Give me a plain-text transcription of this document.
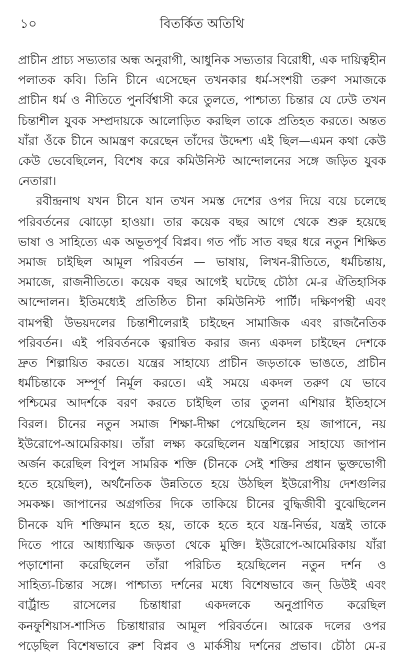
১০	বিতর্কিত অতিথি
প্রাচীন প্রাচ্য সভ্যতার অন্ধ অনুরাগী, আধুনিক সভ্যতার বিরোধী, এক দায়িত্বহীন
পলাতক কবি। তিনি চীনে এসেছেন তখনকার ধর্ম-সংশয়ী তরুণ সমাজকে
প্রাচীন ধর্ম ও নীতিতে পুনর্বিশ্বাসী করে তুলতে, পাশ্চাত্য চিন্তার যে ঢেউ তখন
চিন্তাশীল যুবক সম্প্রদায়কে আলোড়িত করছিল তাকে প্রতিহত করতে। অন্তত
যাঁরা ওঁকে চীনে আমন্ত্রণ করেছেন তাঁদের উদ্দেশ্য এই ছিল—এমন কথা কেউ
কেউ ভেবেছিলেন, বিশেষ করে কমিউনিস্ট আন্দোলনের সঙ্গে জড়িত যুবক
নেতারা।
রবীন্দ্রনাথ যখন চীনে যান তখন সমস্ত দেশের ওপর দিয়ে বয়ে চলেছে
পরিবর্তনের ঝোড়ো হাওয়া। তার কয়েক বছর আগে থেকে শুরু হয়েছে
ভাষা ও সাহিত্যে এক অভূতপূর্ব বিপ্লব। গত পাঁচ সাত বছর ধরে নতুন শিক্ষিত
সমাজ চাইছিল আমূল পরিবর্তন — ভাষায়, লিখন-রীতিতে, ধর্মচিন্তায়,
সমাজে, রাজনীতিতে। কয়েক বছর আগেই ঘটেছে চৌঠা মে-র ঐতিহাসিক
আন্দোলন। ইতিমধ্যেই প্রতিষ্ঠিত চীনা কমিউনিস্ট পার্টি। দক্ষিণপন্থী এবং
বামপন্থী উভয়দলের চিন্তাশীলেরাই চাইছেন সামাজিক এবং রাজনৈতিক
পরিবর্তন। এই পরিবর্তনকে ত্বরান্বিত করার জন্য একদল চাইছেন দেশকে
দ্রুত শিল্পায়িত করতে। যন্ত্রের সাহায্যে প্রাচীন জড়তাকে ভাঙতে, প্রাচীন
ধর্মচিন্তাকে সম্পূর্ণ নির্মূল করতে। এই সময়ে একদল তরুণ যে ভাবে
পশ্চিমের আদর্শকে বরণ করতে চাইছিল তার তুলনা এশিয়ার ইতিহাসে
বিরল। চীনের নতুন সমাজ শিক্ষা-দীক্ষা পেয়েছিলেন হয় জাপানে, নয়
ইউরোপে-আমেরিকায়। তাঁরা লক্ষ্য করেছিলেন যন্ত্রশিল্পের সাহায্যে জাপান
অর্জন করেছিল বিপুল সামরিক শক্তি (চীনকে সেই শক্তির প্রধান ভুক্তভোগী
হতে হয়েছিল), অর্থনৈতিক উন্নতিতে হয়ে উঠছিল ইউরোপীয় দেশগুলির
সমকক্ষ। জাপানের অগ্রগতির দিকে তাকিয়ে চীনের বুদ্ধিজীবী বুঝেছিলেন
চীনকে যদি শক্তিমান হতে হয়, তাকে হতে হবে যন্ত্র-নির্ভর, যন্ত্রই তাকে
দিতে পারে আধ্যাত্মিক জড়তা থেকে মুক্তি। ইউরোপে-আমেরিকায় যাঁরা
পড়াশোনা করেছিলেন তাঁরা পরিচিত হয়েছিলেন নতুন দর্শন ও
সাহিত্য-চিন্তার সঙ্গে। পাশ্চাত্য দর্শনের মধ্যে বিশেষভাবে জন্ ডিউই এবং
বার্ট্রান্ড রাসেলের চিন্তাধারা একদলকে অনুপ্রাণিত করেছিল
কনফুশিয়াস-শাসিত চিন্তাধারার আমূল পরিবর্তনে। আরেক দলের ওপর
পড়েছিল বিশেষভাবে রুশ বিপ্লব ও মার্কসীয় দর্শনের প্রভাব। চৌঠা মে-র
